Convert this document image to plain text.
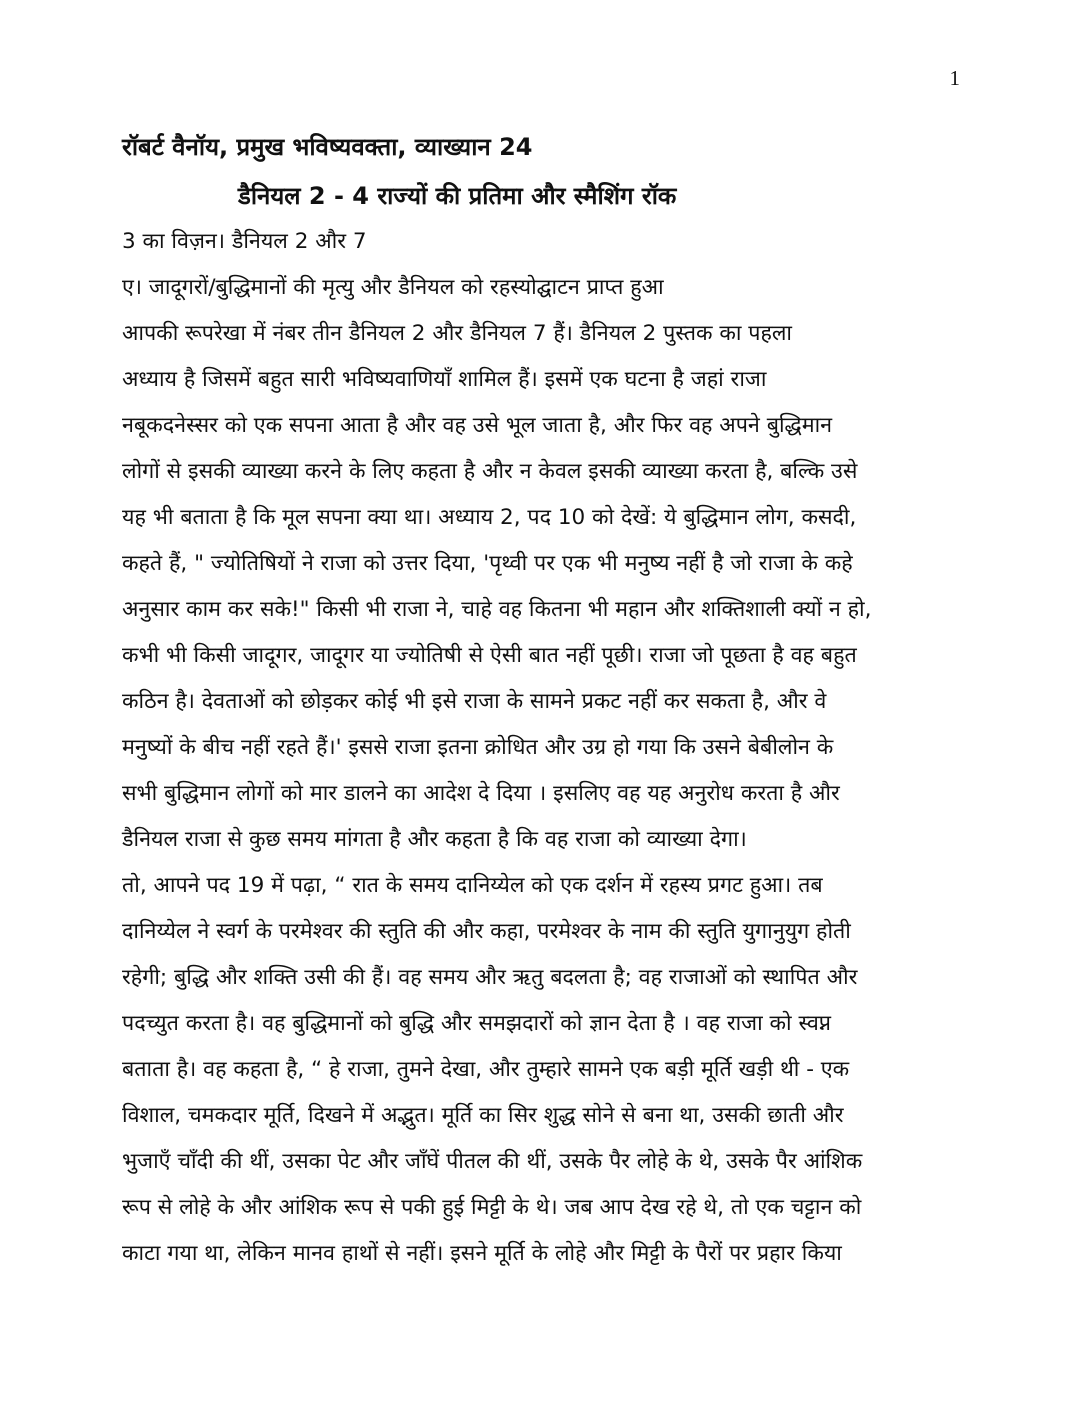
1
रॉबर्ट वैनॉय, प्रमुख भविष्यवक्ता, व्याख्यान 24
डैनियल 2 - 4 राज्यों की प्रतिमा और स्मैशिंग रॉक
3 का विज़न। डैनियल 2 और 7
ए। जादूगरों/बुद्धिमानों की मृत्यु और डैनियल को रहस्योद्घाटन प्राप्त हुआ
आपकी रूपरेखा में नंबर तीन डैनियल 2 और डैनियल 7 हैं। डैनियल 2 पुस्तक का पहला
अध्याय है जिसमें बहुत सारी भविष्यवाणियाँ शामिल हैं। इसमें एक घटना है जहां राजा
नबूकदनेस्सर को एक सपना आता है और वह उसे भूल जाता है, और फिर वह अपने बुद्धिमान
लोगों से इसकी व्याख्या करने के लिए कहता है और न केवल इसकी व्याख्या करता है, बल्कि उसे
यह भी बताता है कि मूल सपना क्या था। अध्याय 2, पद 10 को देखें: ये बुद्धिमान लोग, कसदी,
कहते हैं, " ज्योतिषियों ने राजा को उत्तर दिया, 'पृथ्वी पर एक भी मनुष्य नहीं है जो राजा के कहे
अनुसार काम कर सके!" किसी भी राजा ने, चाहे वह कितना भी महान और शक्तिशाली क्यों न हो,
कभी भी किसी जादूगर, जादूगर या ज्योतिषी से ऐसी बात नहीं पूछी। राजा जो पूछता है वह बहुत
कठिन है। देवताओं को छोड़कर कोई भी इसे राजा के सामने प्रकट नहीं कर सकता है, और वे
मनुष्यों के बीच नहीं रहते हैं।' इससे राजा इतना क्रोधित और उग्र हो गया कि उसने बेबीलोन के
सभी बुद्धिमान लोगों को मार डालने का आदेश दे दिया । इसलिए वह यह अनुरोध करता है और
डैनियल राजा से कुछ समय मांगता है और कहता है कि वह राजा को व्याख्या देगा।
तो, आपने पद 19 में पढ़ा, “ रात के समय दानिय्येल को एक दर्शन में रहस्य प्रगट हुआ। तब
दानिय्येल ने स्वर्ग के परमेश्वर की स्तुति की और कहा, परमेश्वर के नाम की स्तुति युगानुयुग होती
रहेगी; बुद्धि और शक्ति उसी की हैं। वह समय और ऋतु बदलता है; वह राजाओं को स्थापित और
पदच्युत करता है। वह बुद्धिमानों को बुद्धि और समझदारों को ज्ञान देता है । वह राजा को स्वप्न
बताता है। वह कहता है, “ हे राजा, तुमने देखा, और तुम्हारे सामने एक बड़ी मूर्ति खड़ी थी - एक
विशाल, चमकदार मूर्ति, दिखने में अद्भुत। मूर्ति का सिर शुद्ध सोने से बना था, उसकी छाती और
भुजाएँ चाँदी की थीं, उसका पेट और जाँघें पीतल की थीं, उसके पैर लोहे के थे, उसके पैर आंशिक
रूप से लोहे के और आंशिक रूप से पकी हुई मिट्टी के थे। जब आप देख रहे थे, तो एक चट्टान को
काटा गया था, लेकिन मानव हाथों से नहीं। इसने मूर्ति के लोहे और मिट्टी के पैरों पर प्रहार किया
